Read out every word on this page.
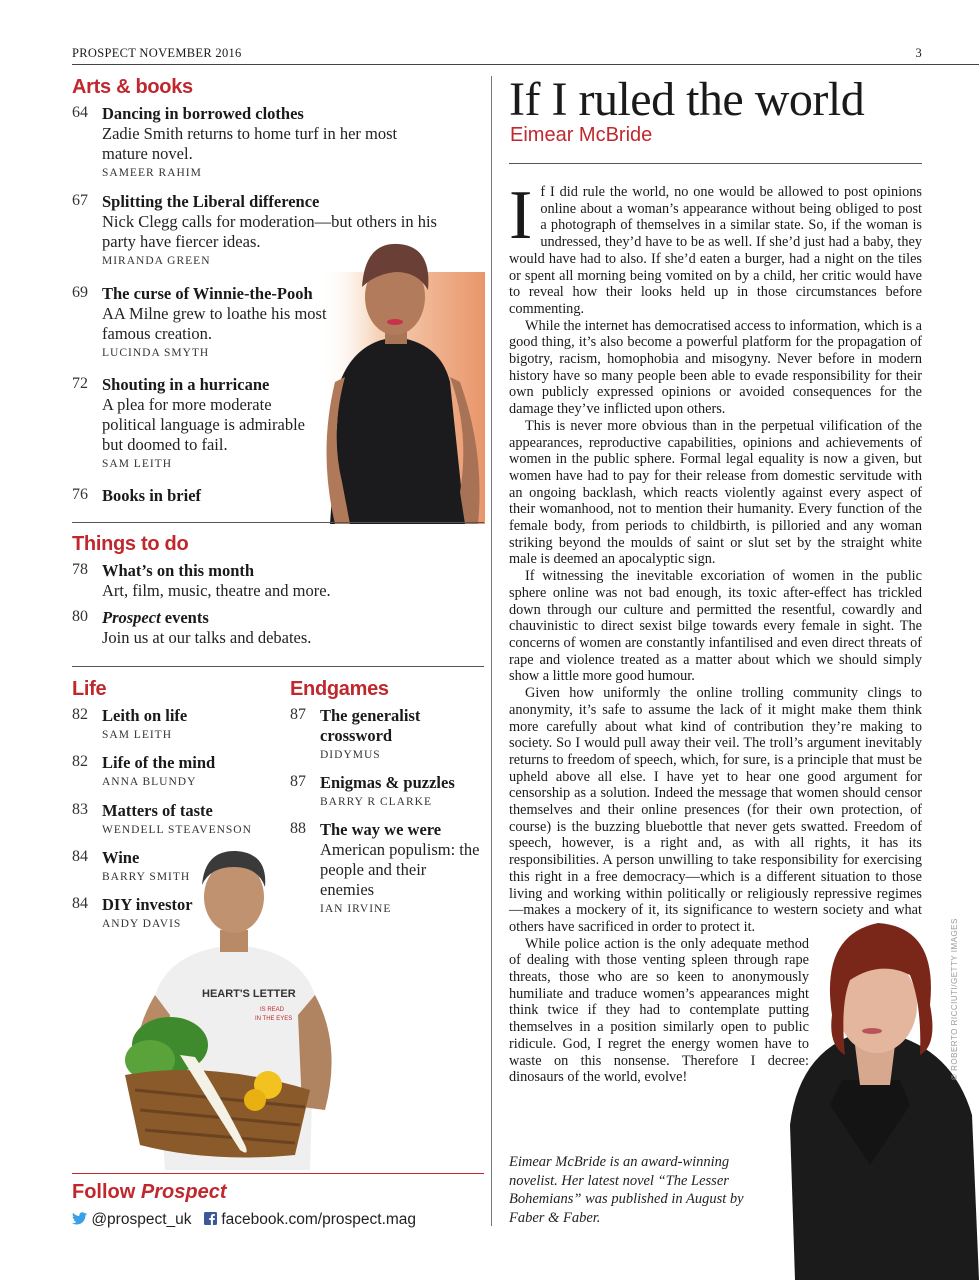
PROSPECT NOVEMBER 2016	3
Arts & books
64 Dancing in borrowed clothes
Zadie Smith returns to home turf in her most mature novel.
SAMEER RAHIM
67 Splitting the Liberal difference
Nick Clegg calls for moderation—but others in his party have fiercer ideas.
MIRANDA GREEN
69 The curse of Winnie-the-Pooh
AA Milne grew to loathe his most famous creation.
LUCINDA SMYTH
72 Shouting in a hurricane
A plea for more moderate political language is admirable but doomed to fail.
SAM LEITH
76 Books in brief
Things to do
78 What’s on this month
Art, film, music, theatre and more.
80 Prospect events
Join us at our talks and debates.
Life
82 Leith on life
SAM LEITH
82 Life of the mind
ANNA BLUNDY
83 Matters of taste
WENDELL STEAVENSON
84 Wine
BARRY SMITH
84 DIY investor
ANDY DAVIS
Endgames
87 The generalist
crossword
DIDYMUS
87 Enigmas & puzzles
BARRY R CLARKE
88 The way we were
American populism: the people and their enemies
IAN IRVINE
HEART'S LETTER
IS READ
IN THE EYES
Follow Prospect
@prospect_uk	facebook.com/prospect.mag
If I ruled the world
Eimear McBride

If I did rule the world, no one would be allowed to post opinions online about a woman’s appearance without being obliged to post a photograph of themselves in a similar state. So, if the woman is undressed, they’d have to be as well. If she’d just had a baby, they would have had to also. If she’d eaten a burger, had a night on the tiles or spent all morning being vomited on by a child, her critic would have to reveal how their looks held up in those circumstances before commenting.

While the internet has democratised access to information, which is a good thing, it’s also become a powerful platform for the propagation of bigotry, racism, homophobia and misogyny. Never before in modern history have so many people been able to evade responsibility for their own publicly expressed opinions or avoided consequences for the damage they’ve inflicted upon others.

This is never more obvious than in the perpetual vilification of the appearances, reproductive capabilities, opinions and achievements of women in the public sphere. Formal legal equality is now a given, but women have had to pay for their release from domestic servitude with an ongoing backlash, which reacts violently against every aspect of their womanhood, not to mention their humanity. Every function of the female body, from periods to childbirth, is pilloried and any woman striking beyond the moulds of saint or slut set by the straight white male is deemed an apocalyptic sign.

If witnessing the inevitable excoriation of women in the public sphere online was not bad enough, its toxic after-effect has trickled down through our culture and permitted the resentful, cowardly and chauvinistic to direct sexist bilge towards every female in sight. The concerns of women are constantly infantilised and even direct threats of rape and violence treated as a matter about which we should simply show a little more good humour.

Given how uniformly the online trolling community clings to anonymity, it’s safe to assume the lack of it might make them think more carefully about what kind of contribution they’re making to society. So I would pull away their veil. The troll’s argument inevitably returns to freedom of speech, which, for sure, is a principle that must be upheld above all else. I have yet to hear one good argument for censorship as a solution. Indeed the message that women should censor themselves and their online presences (for their own protection, of course) is the buzzing bluebottle that never gets swatted. Freedom of speech, however, is a right and, as with all rights, it has its responsibilities. A person unwilling to take responsibility for exercising this right in a free democracy—which is a different situation to those living and working within politically or religiously repressive regimes—makes a mockery of it, its significance to western society and what others have sacrificed in order to protect it.

While police action is the only adequate method of dealing with those venting spleen through rape threats, those who are so keen to anonymously humiliate and traduce women’s appearances might think twice if they had to contemplate putting themselves in a position similarly open to public ridicule. God, I regret the energy women have to waste on this nonsense. Therefore I decree: dinosaurs of the world, evolve!

Eimear McBride is an award-winning novelist. Her latest novel “The Lesser Bohemians” was published in August by Faber & Faber.
© ROBERTO RICCIUTI/GETTY IMAGES
